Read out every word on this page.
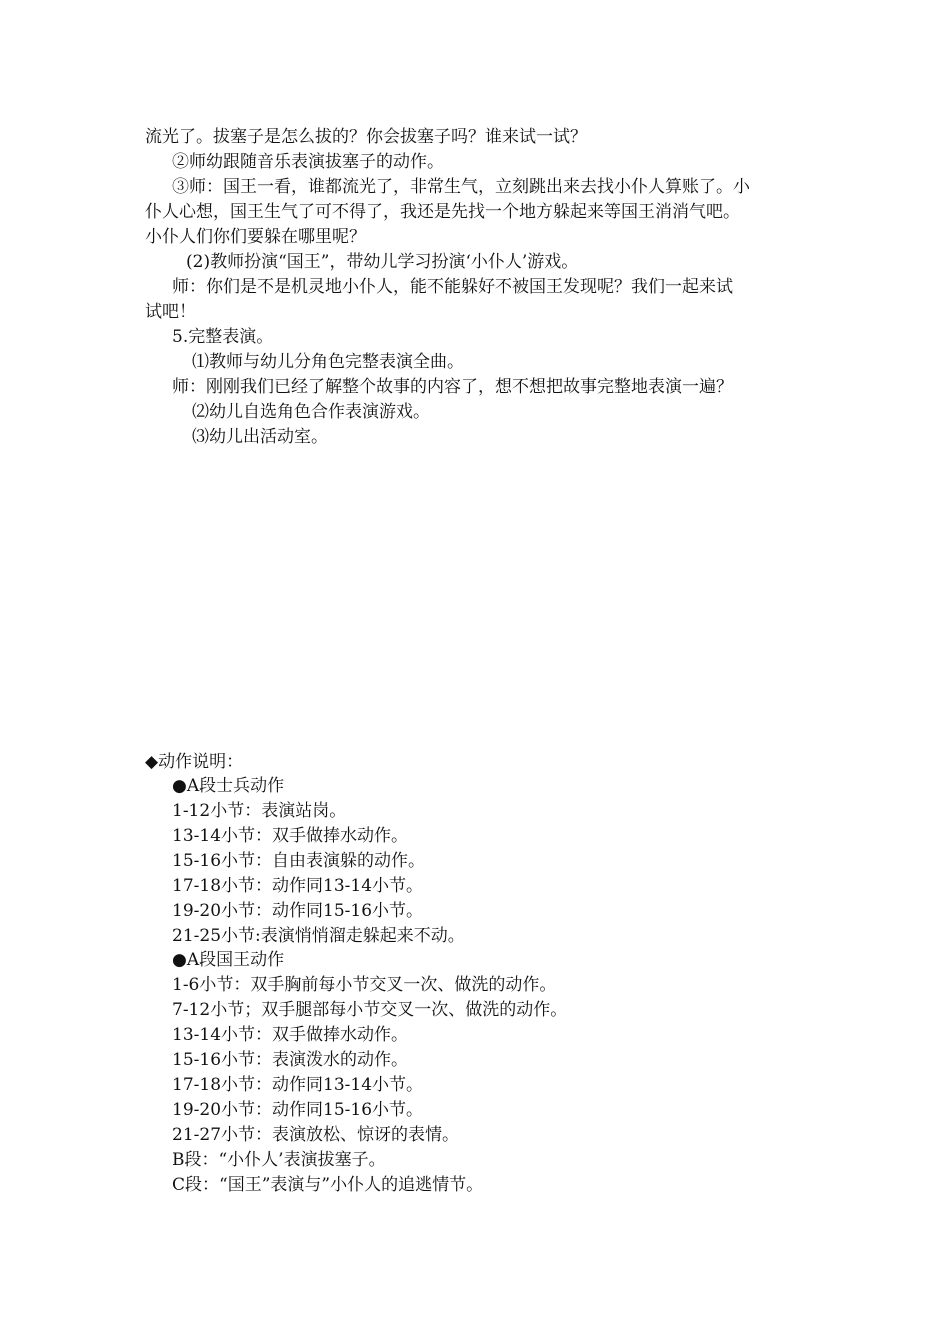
流光了。拔塞子是怎么拔的？你会拔塞子吗？谁来试一试？
②师幼跟随音乐表演拔塞子的动作。
③师：国王一看，谁都流光了，非常生气，立刻跳出来去找小仆人算账了。小
仆人心想，国王生气了可不得了，我还是先找一个地方躲起来等国王消消气吧。
小仆人们你们要躲在哪里呢？
(2)教师扮演“国王”，带幼儿学习扮演‘小仆人’游戏。
师：你们是不是机灵地小仆人，能不能躲好不被国王发现呢？我们一起来试
试吧！
5.完整表演。
⑴教师与幼儿分角色完整表演全曲。
师：刚刚我们已经了解整个故事的内容了，想不想把故事完整地表演一遍？
⑵幼儿自选角色合作表演游戏。
⑶幼儿出活动室。
◆动作说明：
●A段士兵动作
1-12小节：表演站岗。
13-14小节：双手做捧水动作。
15-16小节：自由表演躲的动作。
17-18小节：动作同13-14小节。
19-20小节：动作同15-16小节。
21-25小节:表演悄悄溜走躲起来不动。
●A段国王动作
1-6小节：双手胸前每小节交叉一次、做洗的动作。
7-12小节；双手腿部每小节交叉一次、做洗的动作。
13-14小节：双手做捧水动作。
15-16小节：表演泼水的动作。
17-18小节：动作同13-14小节。
19-20小节：动作同15-16小节。
21-27小节：表演放松、惊讶的表情。
B段：“小仆人’表演拔塞子。
C段：“国王”表演与”小仆人的追逃情节。
